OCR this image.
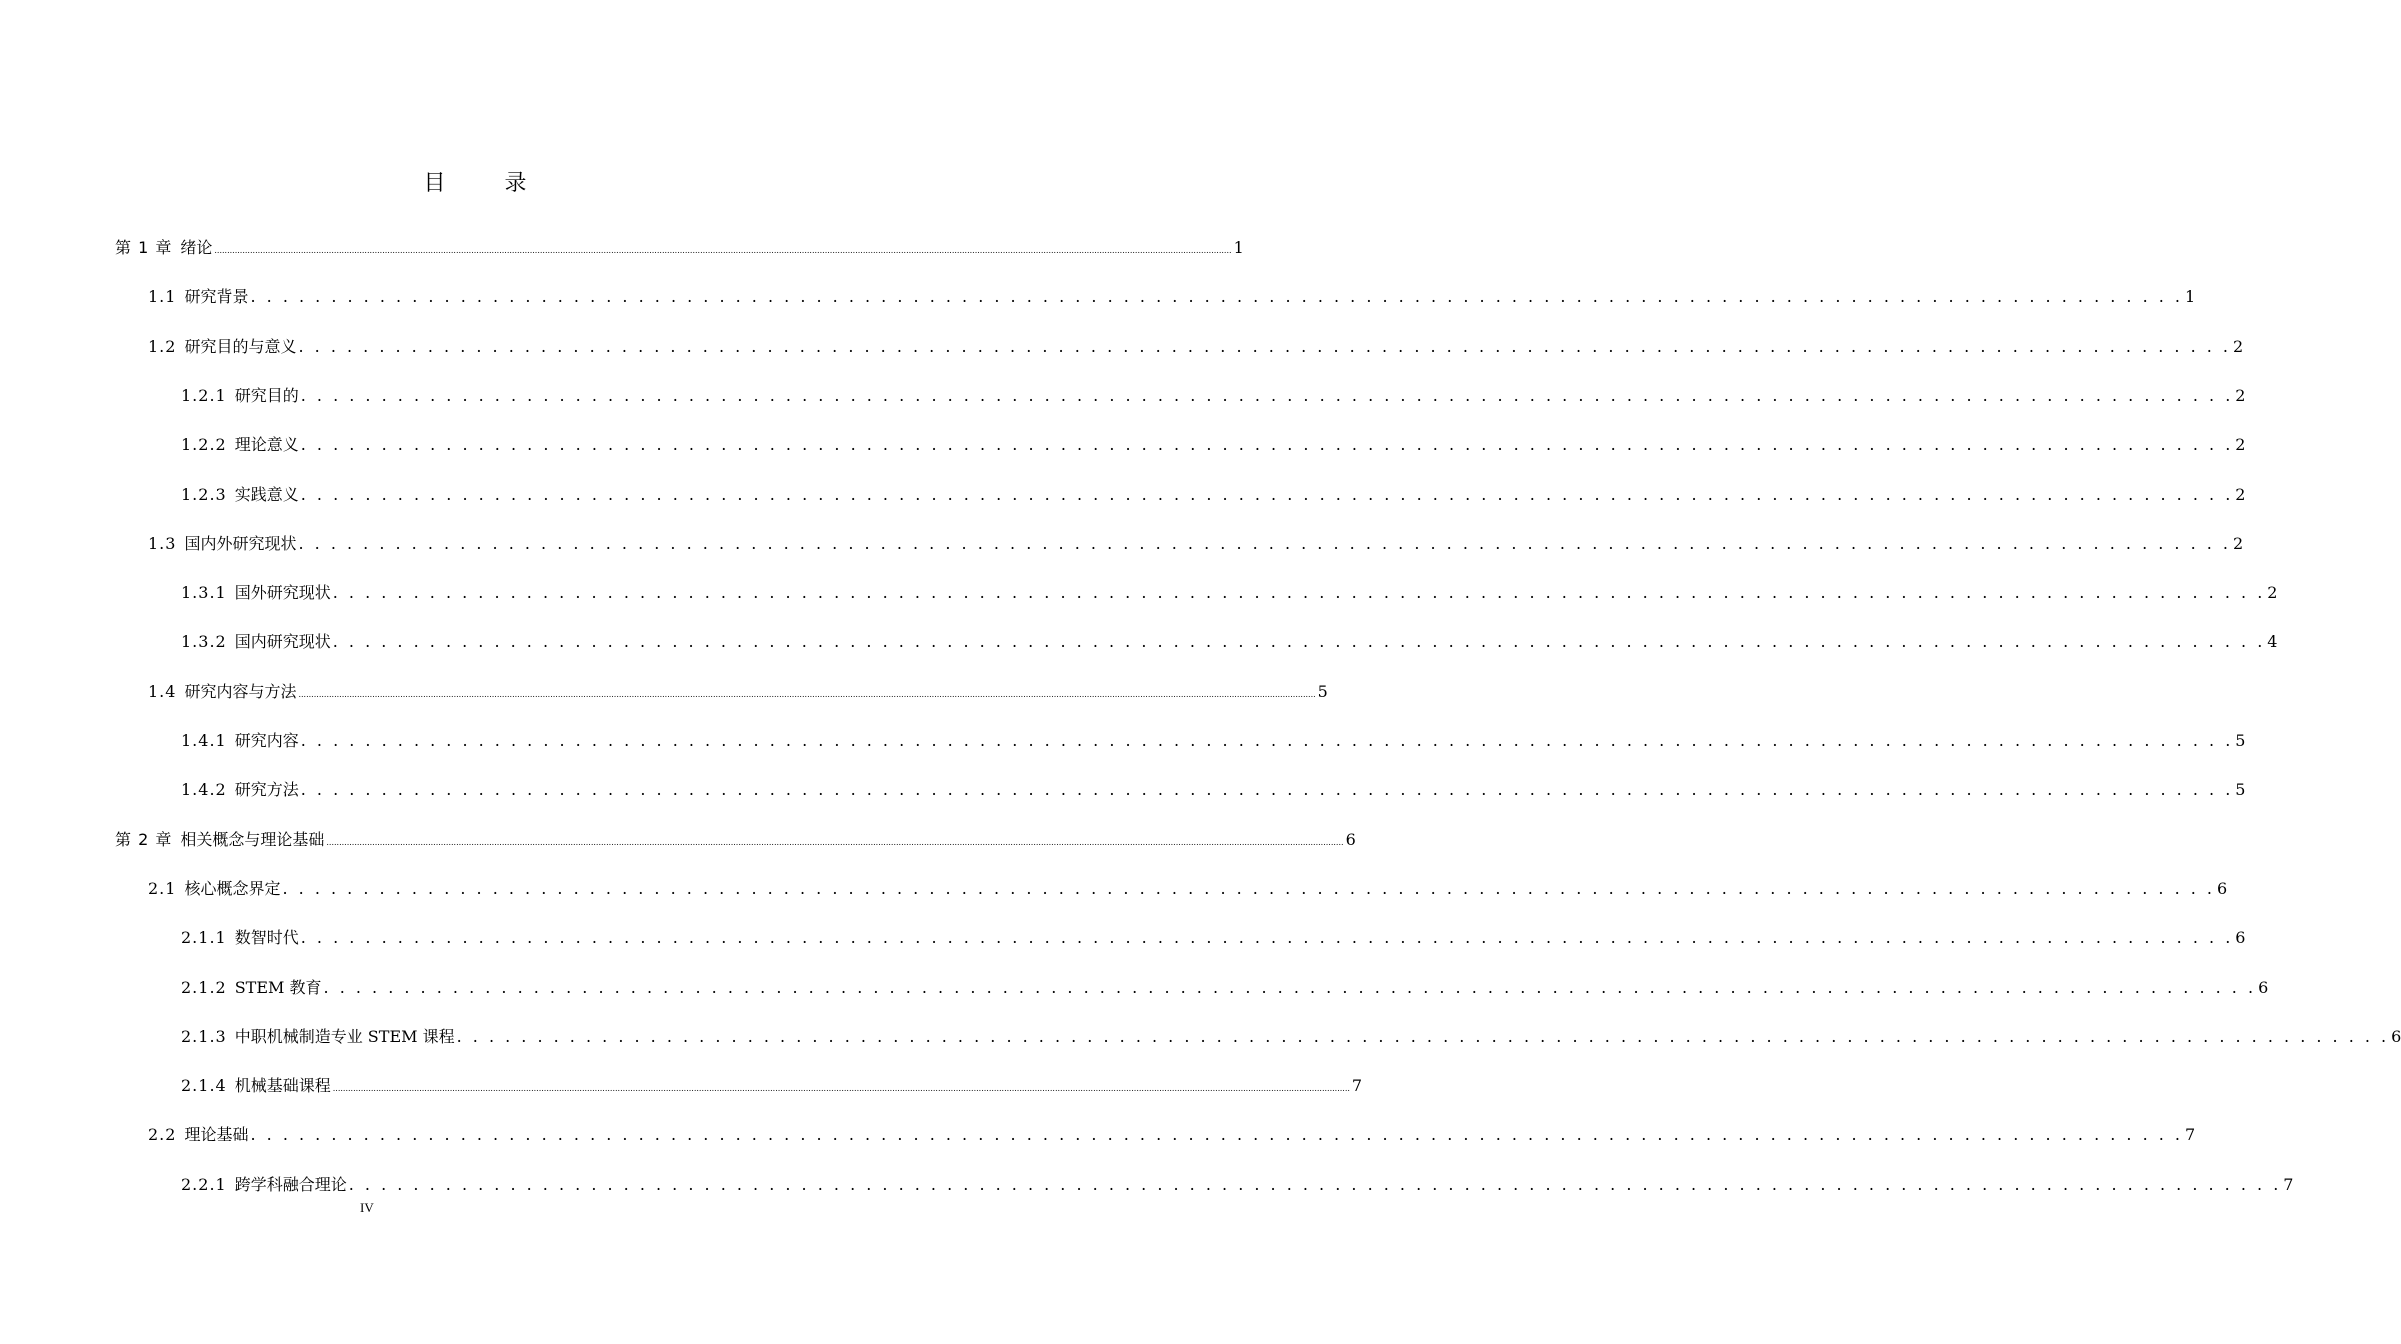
目 录
第 1 章 绪论 ................................................................................................................................................................................................................................................................................................................................................................................................................ 1
1.1 研究背景 . . . . . . . . . . . . . . . . . . . . . . . . . . . . . . . . . . . . . . . . . . . . . . . . . . . . . . . . . . . . . . . . . . . . . . . . . . . . . . . . . . . . . . . . . . . . . . . . . . . . . . . . . . . . . . . . . . . . . . . . 1
1.2 研究目的与意义 . . . . . . . . . . . . . . . . . . . . . . . . . . . . . . . . . . . . . . . . . . . . . . . . . . . . . . . . . . . . . . . . . . . . . . . . . . . . . . . . . . . . . . . . . . . . . . . . . . . . . . . . . . . . . . . . . . . . . . . . 2
1.2.1 研究目的 . . . . . . . . . . . . . . . . . . . . . . . . . . . . . . . . . . . . . . . . . . . . . . . . . . . . . . . . . . . . . . . . . . . . . . . . . . . . . . . . . . . . . . . . . . . . . . . . . . . . . . . . . . . . . . . . . . . . . . . . 2
1.2.2 理论意义 . . . . . . . . . . . . . . . . . . . . . . . . . . . . . . . . . . . . . . . . . . . . . . . . . . . . . . . . . . . . . . . . . . . . . . . . . . . . . . . . . . . . . . . . . . . . . . . . . . . . . . . . . . . . . . . . . . . . . . . . 2
1.2.3 实践意义 . . . . . . . . . . . . . . . . . . . . . . . . . . . . . . . . . . . . . . . . . . . . . . . . . . . . . . . . . . . . . . . . . . . . . . . . . . . . . . . . . . . . . . . . . . . . . . . . . . . . . . . . . . . . . . . . . . . . . . . . 2
1.3 国内外研究现状 . . . . . . . . . . . . . . . . . . . . . . . . . . . . . . . . . . . . . . . . . . . . . . . . . . . . . . . . . . . . . . . . . . . . . . . . . . . . . . . . . . . . . . . . . . . . . . . . . . . . . . . . . . . . . . . . . . . . . . . . 2
1.3.1 国外研究现状 . . . . . . . . . . . . . . . . . . . . . . . . . . . . . . . . . . . . . . . . . . . . . . . . . . . . . . . . . . . . . . . . . . . . . . . . . . . . . . . . . . . . . . . . . . . . . . . . . . . . . . . . . . . . . . . . . . . . . . . . 2
1.3.2 国内研究现状 . . . . . . . . . . . . . . . . . . . . . . . . . . . . . . . . . . . . . . . . . . . . . . . . . . . . . . . . . . . . . . . . . . . . . . . . . . . . . . . . . . . . . . . . . . . . . . . . . . . . . . . . . . . . . . . . . . . . . . . . 4
1.4 研究内容与方法 ................................................................................................................................................................................................................................................................................................................................................................................................................ 5
1.4.1 研究内容 . . . . . . . . . . . . . . . . . . . . . . . . . . . . . . . . . . . . . . . . . . . . . . . . . . . . . . . . . . . . . . . . . . . . . . . . . . . . . . . . . . . . . . . . . . . . . . . . . . . . . . . . . . . . . . . . . . . . . . . . 5
1.4.2 研究方法 . . . . . . . . . . . . . . . . . . . . . . . . . . . . . . . . . . . . . . . . . . . . . . . . . . . . . . . . . . . . . . . . . . . . . . . . . . . . . . . . . . . . . . . . . . . . . . . . . . . . . . . . . . . . . . . . . . . . . . . . 5
第 2 章 相关概念与理论基础 ................................................................................................................................................................................................................................................................................................................................................................................................................ 6
2.1 核心概念界定 . . . . . . . . . . . . . . . . . . . . . . . . . . . . . . . . . . . . . . . . . . . . . . . . . . . . . . . . . . . . . . . . . . . . . . . . . . . . . . . . . . . . . . . . . . . . . . . . . . . . . . . . . . . . . . . . . . . . . . . . 6
2.1.1 数智时代 . . . . . . . . . . . . . . . . . . . . . . . . . . . . . . . . . . . . . . . . . . . . . . . . . . . . . . . . . . . . . . . . . . . . . . . . . . . . . . . . . . . . . . . . . . . . . . . . . . . . . . . . . . . . . . . . . . . . . . . . 6
2.1.2 STEM 教育 . . . . . . . . . . . . . . . . . . . . . . . . . . . . . . . . . . . . . . . . . . . . . . . . . . . . . . . . . . . . . . . . . . . . . . . . . . . . . . . . . . . . . . . . . . . . . . . . . . . . . . . . . . . . . . . . . . . . . . . . 6
2.1.3 中职机械制造专业 STEM 课程 . . . . . . . . . . . . . . . . . . . . . . . . . . . . . . . . . . . . . . . . . . . . . . . . . . . . . . . . . . . . . . . . . . . . . . . . . . . . . . . . . . . . . . . . . . . . . . . . . . . . . . . . . . . . . . . . . . . . . . . . 6
2.1.4 机械基础课程 ................................................................................................................................................................................................................................................................................................................................................................................................................ 7
2.2 理论基础 . . . . . . . . . . . . . . . . . . . . . . . . . . . . . . . . . . . . . . . . . . . . . . . . . . . . . . . . . . . . . . . . . . . . . . . . . . . . . . . . . . . . . . . . . . . . . . . . . . . . . . . . . . . . . . . . . . . . . . . . 7
2.2.1 跨学科融合理论 . . . . . . . . . . . . . . . . . . . . . . . . . . . . . . . . . . . . . . . . . . . . . . . . . . . . . . . . . . . . . . . . . . . . . . . . . . . . . . . . . . . . . . . . . . . . . . . . . . . . . . . . . . . . . . . . . . . . . . . . 7
IV
